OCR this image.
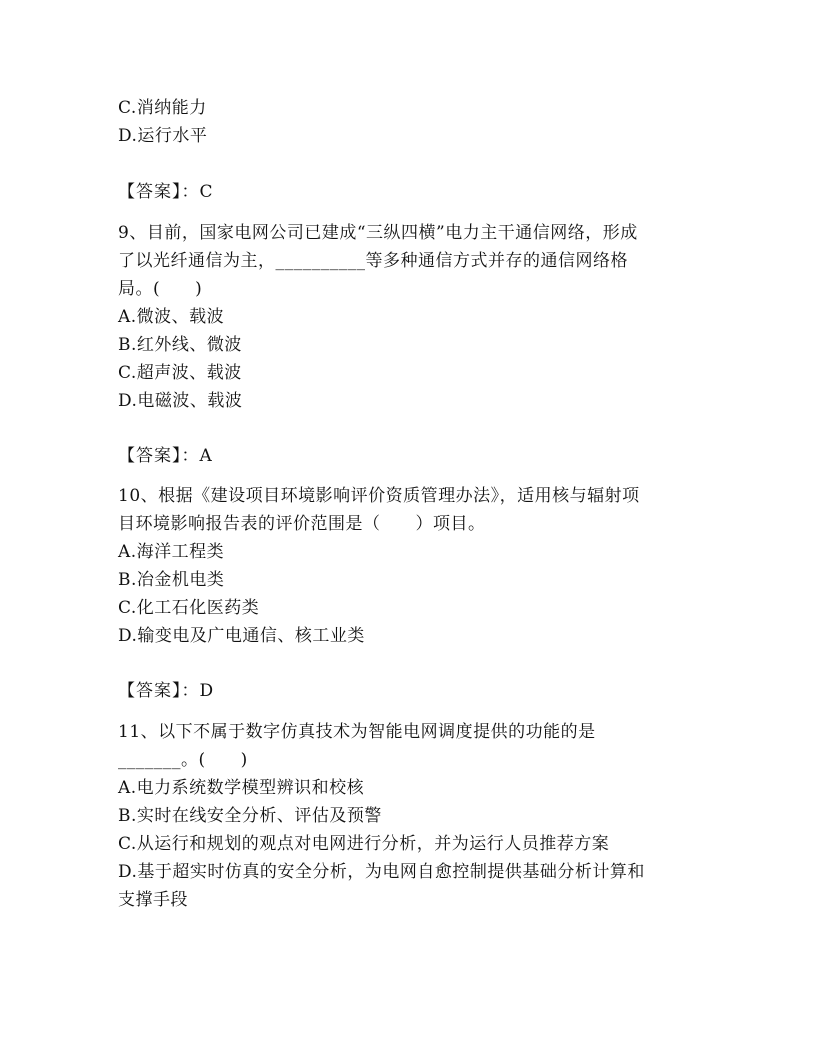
C.消纳能力
D.运行水平
【答案】：C
9、目前，国家电网公司已建成“三纵四横”电力主干通信网络，形成
了以光纤通信为主，__________等多种通信方式并存的通信网络格
局。(　　)
A.微波、载波
B.红外线、微波
C.超声波、载波
D.电磁波、载波
【答案】：A
10、根据《建设项目环境影响评价资质管理办法》，适用核与辐射项
目环境影响报告表的评价范围是（　　）项目。
A.海洋工程类
B.冶金机电类
C.化工石化医药类
D.输变电及广电通信、核工业类
【答案】：D
11、以下不属于数字仿真技术为智能电网调度提供的功能的是
_______。(　　)
A.电力系统数学模型辨识和校核
B.实时在线安全分析、评估及预警
C.从运行和规划的观点对电网进行分析，并为运行人员推荐方案
D.基于超实时仿真的安全分析，为电网自愈控制提供基础分析计算和
支撑手段
